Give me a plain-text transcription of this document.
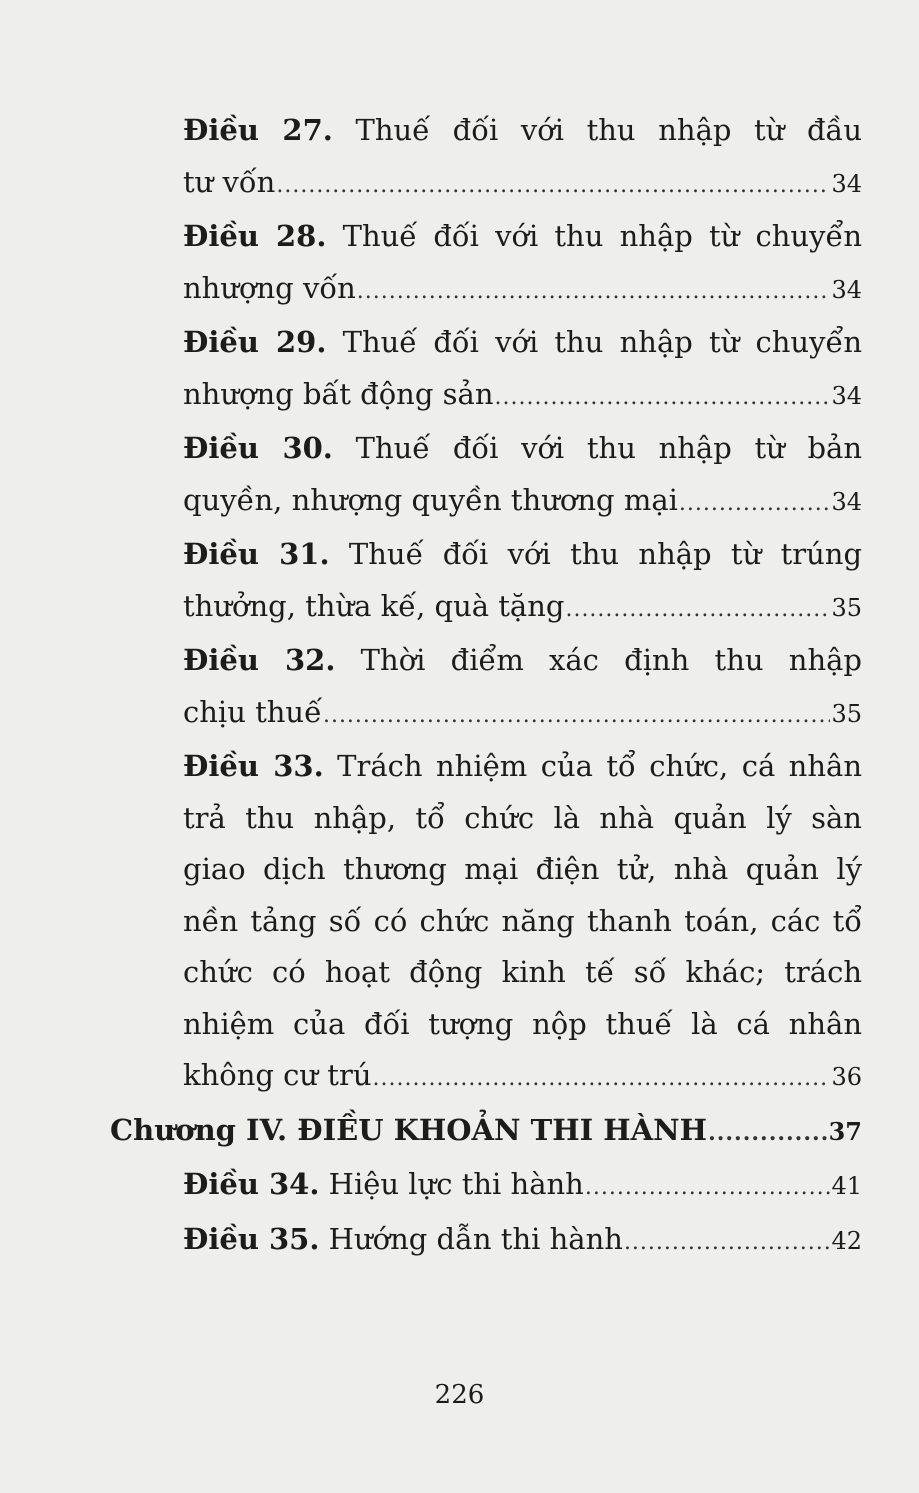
Điều 27. Thuế đối với thu nhập từ đầu
tư vốn .....	34
Điều 28. Thuế đối với thu nhập từ chuyển
nhượng vốn .....	34
Điều 29. Thuế đối với thu nhập từ chuyển
nhượng bất động sản .....	34
Điều 30. Thuế đối với thu nhập từ bản
quyền, nhượng quyền thương mại .....	34
Điều 31. Thuế đối với thu nhập từ trúng
thưởng, thừa kế, quà tặng .....	35
Điều 32. Thời điểm xác định thu nhập
chịu thuế .....	35
Điều 33. Trách nhiệm của tổ chức, cá nhân
trả thu nhập, tổ chức là nhà quản lý sàn
giao dịch thương mại điện tử, nhà quản lý
nền tảng số có chức năng thanh toán, các tổ
chức có hoạt động kinh tế số khác; trách
nhiệm của đối tượng nộp thuế là cá nhân
không cư trú .....	36
Chương IV. ĐIỀU KHOẢN THI HÀNH .....	37
Điều 34.
Hiệu lực thi hành .....	41
Điều 35.
Hướng dẫn thi hành .....	42
226
